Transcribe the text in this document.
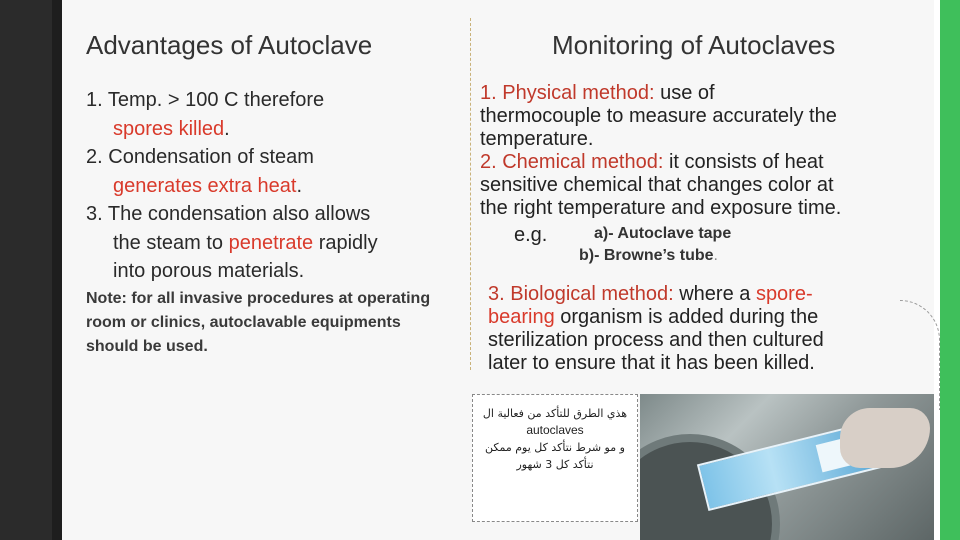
Advantages of Autoclave
1. Temp. > 100 C therefore
spores killed.
2. Condensation of steam
generates extra heat.
3. The condensation also allows
the steam to penetrate rapidly
into porous materials.

Note: for all invasive procedures at operating room or clinics, autoclavable equipments should be used.

Monitoring of Autoclaves
1. Physical method: use of
thermocouple to measure accurately the
temperature.
2. Chemical method: it consists of heat
sensitive chemical that changes color at
the right temperature and exposure time.
e.g.	a)- Autoclave tape
b)- Browne’s tube.
3. Biological method: where a spore-
bearing organism is added during the
sterilization process and then cultured
later to ensure that it has been killed.
هذي الطرق للتأكد من فعالية ال
autoclaves
و مو شرط نتأكد كل يوم ممكن
نتأكد كل 3 شهور
